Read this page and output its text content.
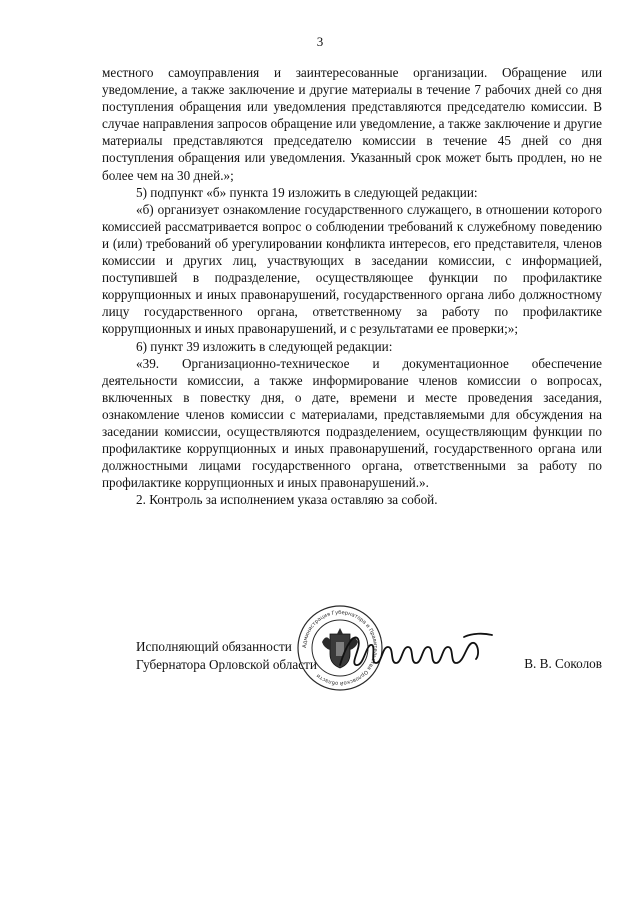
3

местного самоуправления и заинтересованные организации. Обращение или уведомление, а также заключение и другие материалы в течение 7 рабочих дней со дня поступления обращения или уведомления представляются председателю комиссии. В случае направления запросов обращение или уведомление, а также заключение и другие материалы представляются председателю комиссии в течение 45 дней со дня поступления обращения или уведомления. Указанный срок может быть продлен, но не более чем на 30 дней.»;

5) подпункт «б» пункта 19 изложить в следующей редакции:

«б) организует ознакомление государственного служащего, в отношении которого комиссией рассматривается вопрос о соблюдении требований к служебному поведению и (или) требований об урегулировании конфликта интересов, его представителя, членов комиссии и других лиц, участвующих в заседании комиссии, с информацией, поступившей в подразделение, осуществляющее функции по профилактике коррупционных и иных правонарушений, государственного органа либо должностному лицу государственного органа, ответственному за работу по профилактике коррупционных и иных правонарушений, и с результатами ее проверки;»;

6) пункт 39 изложить в следующей редакции:

«39. Организационно-техническое и документационное обеспечение деятельности комиссии, а также информирование членов комиссии о вопросах, включенных в повестку дня, о дате, времени и месте проведения заседания, ознакомление членов комиссии с материалами, представляемыми для обсуждения на заседании комиссии, осуществляются подразделением, осуществляющим функции по профилактике коррупционных и иных правонарушений, государственного органа или должностными лицами государственного органа, ответственными за работу по профилактике коррупционных и иных правонарушений.».

2. Контроль за исполнением указа оставляю за собой.

Исполняющий обязанности
Губернатора Орловской области
Администрация Губернатора и Правительства Орловской области
В. В. Соколов
